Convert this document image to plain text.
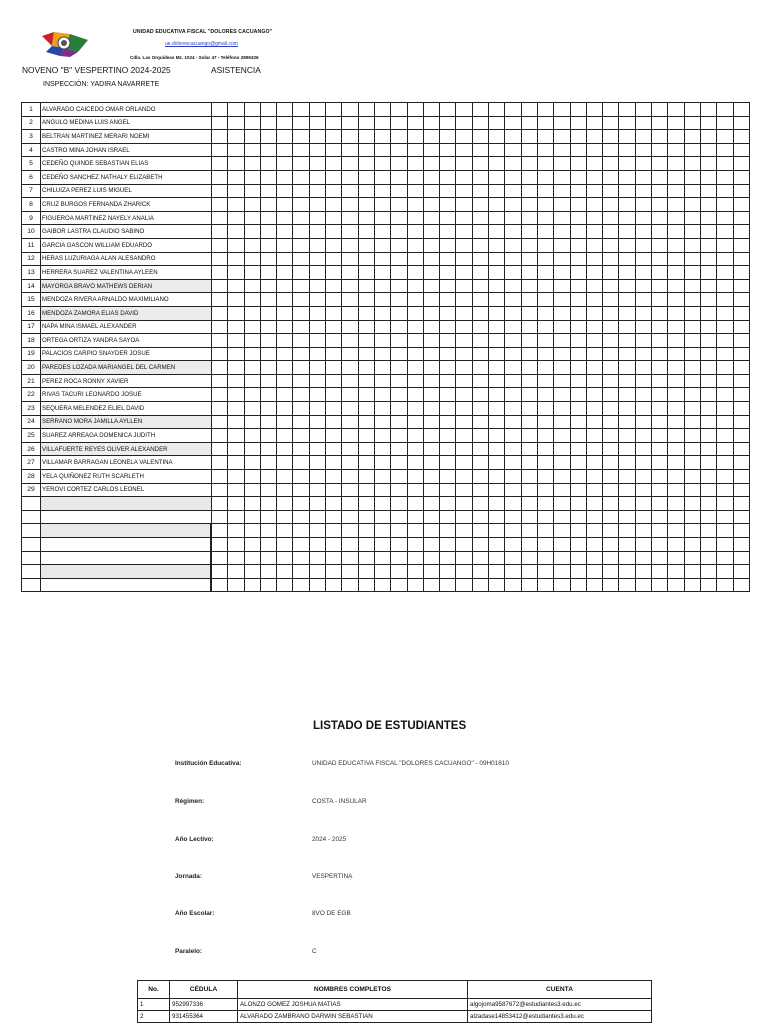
UNIDAD EDUCATIVA FISCAL "DOLORES CACUANGO"
ue.dolorescacuango@gmail.com
Cdla. Las Orquídeas Mz. 1024 - Solar 47 - Teléfono 2896326
NOVENO "B" VESPERTINO 2024-2025	ASISTENCIA
INSPECCIÓN: YADIRA NAVARRETE
1	ALVARADO CAICEDO OMAR ORLANDO																																	
2	ANGULO MEDINA LUIS ANGEL																																	
3	BELTRAN MARTINEZ MERARI NOEMI																																	
4	CASTRO MINA JOHAN ISRAEL																																	
5	CEDEÑO QUINDE SEBASTIAN ELIAS																																	
6	CEDEÑO SANCHEZ NATHALY ELIZABETH																																	
7	CHILUIZA PEREZ LUIS MIGUEL																																	
8	CRUZ BURGOS FERNANDA ZHARICK																																	
9	FIGUEROA MARTINEZ NAYELY ANALIA																																	
10	GAIBOR LASTRA CLAUDIO SABINO																																	
11	GARCIA GASCON WILLIAM EDUARDO																																	
12	HERAS LUZURIAGA ALAN ALESANDRO																																	
13	HERRERA SUAREZ VALENTINA AYLEEN																																	
14	MAYORGA BRAVO MATHEWS DERIAN																																	
15	MENDOZA RIVERA ARNALDO MAXIMILIANO																																	
16	MENDOZA ZAMORA ELIAS DAVID																																	
17	NAPA MINA ISMAEL ALEXANDER																																	
18	ORTEGA ORTIZA YANDRA SAYOA																																	
19	PALACIOS CARPIO SNAYDER JOSUE																																	
20	PAREDES LOZADA MARIANGEL DEL CARMEN																																	
21	PEREZ ROCA RONNY XAVIER																																	
22	RIVAS TACURI LEONARDO JOSUE																																	
23	SEQUERA MELENDEZ ELIEL DAVID																																	
24	SERRANO MORA JAMILLA AYLLEN																																	
25	SUAREZ ARREAGA DOMENICA JUDITH																																	
26	VILLAFUERTE REYES OLIVER ALEXANDER																																	
27	VILLAMAR BARRAGAN LEONELA VALENTINA																																	
28	YELA QUIÑONEZ RUTH SCARLETH																																	
29	YEROVI CORTEZ CARLOS LEONEL																																	

LISTADO DE ESTUDIANTES
Institución Educativa:	UNIDAD EDUCATIVA FISCAL "DOLORES CACUANGO" - 09H01610
Régimen:	COSTA - INSULAR
Año Lectivo:	2024 - 2025
Jornada:	VESPERTINA
Año Escolar:	8VO DE EGB
Paralelo:	C
No.	CÉDULA	NOMBRES COMPLETOS	CUENTA
1	952997336	ALONZO GOMEZ JOSHUA MATIAS	algojoma9587672@estudiantes3.edu.ec
2	931455364	ALVARADO ZAMBRANO DARWIN SEBASTIAN	alzadase14853412@estudiantes3.edu.ec
